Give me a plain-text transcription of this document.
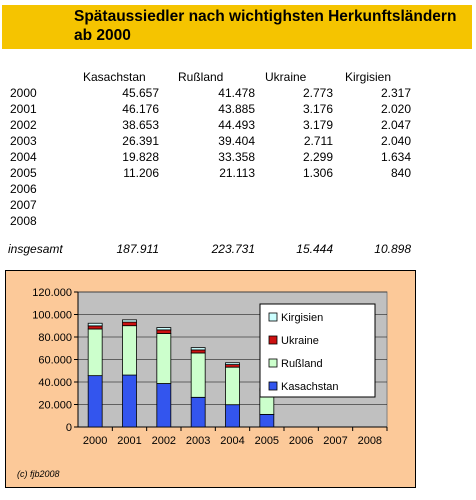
Spätaussiedler nach wichtighsten Herkunftsländern
ab 2000

Kasachstan	Rußland	Ukraine	Kirgisien
2000	45.657	41.478	2.773	2.317
2001	46.176	43.885	3.176	2.020
2002	38.653	44.493	3.179	2.047
2003	26.391	39.404	2.711	2.040
2004	19.828	33.358	2.299	1.634
2005	11.206	21.113	1.306	840
2006
2007
2008
insgesamt	187.911	223.731	15.444	10.898
0
20.000
40.000
60.000
80.000
100.000
120.000
2000 2001 2002 2003 2004 2005 2006 2007 2008
Kirgisien
Ukraine
Rußland
Kasachstan
(c) fjb2008
